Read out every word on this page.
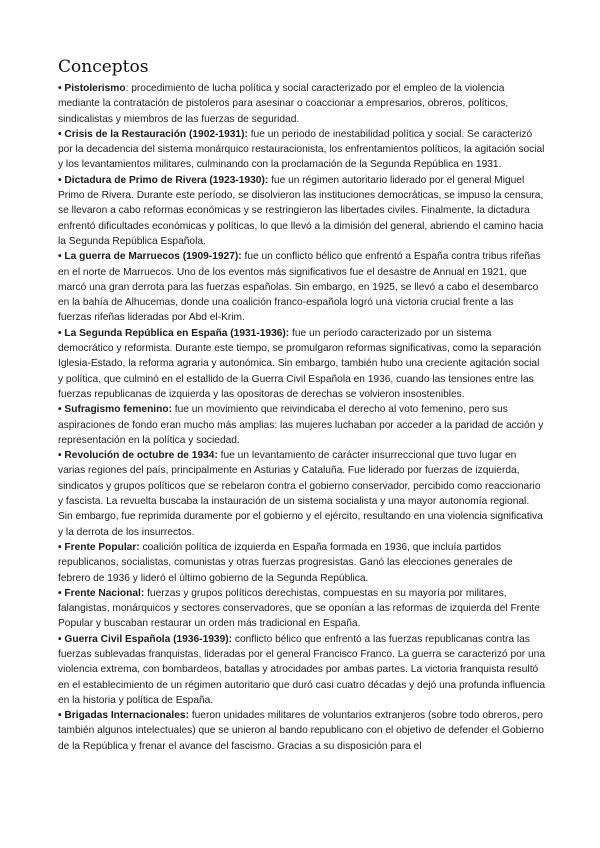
Conceptos
• Pistolerismo: procedimiento de lucha política y social caracterizado por el empleo de la violencia mediante la contratación de pistoleros para asesinar o coaccionar a empresarios, obreros, políticos, sindicalistas y miembros de las fuerzas de seguridad.
• Crisis de la Restauración (1902-1931): fue un periodo de inestabilidad política y social. Se caracterizó por la decadencia del sistema monárquico restauracionista, los enfrentamientos políticos, la agitación social y los levantamientos militares, culminando con la proclamación de la Segunda República en 1931.
• Dictadura de Primo de Rivera (1923-1930): fue un régimen autoritario liderado por el general Miguel Primo de Rivera. Durante este período, se disolvieron las instituciones democráticas, se impuso la censura, se llevaron a cabo reformas económicas y se restringieron las libertades civiles. Finalmente, la dictadura enfrentó dificultades económicas y políticas, lo que llevó a la dimisión del general, abriendo el camino hacia la Segunda República Española.
• La guerra de Marruecos (1909-1927): fue un conflicto bélico que enfrentó a España contra tribus rifeñas en el norte de Marruecos. Uno de los eventos más significativos fue el desastre de Annual en 1921, que marcó una gran derrota para las fuerzas españolas. Sin embargo, en 1925, se llevó a cabo el desembarco en la bahía de Alhucemas, donde una coalición franco-española logró una victoria crucial frente a las fuerzas rifeñas lideradas por Abd el-Krim.
• La Segunda República en España (1931-1936): fue un período caracterizado por un sistema democrático y reformista. Durante este tiempo, se promulgaron reformas significativas, como la separación Iglesia-Estado, la reforma agraria y autonómica. Sin embargo, también hubo una creciente agitación social y política, que culminó en el estallido de la Guerra Civil Española en 1936, cuando las tensiones entre las fuerzas republicanas de izquierda y las opositoras de derechas se volvieron insostenibles.
• Sufragismo femenino: fue un movimiento que reivindicaba el derecho al voto femenino, pero sus aspiraciones de fondo eran mucho más amplias: las mujeres luchaban por acceder a la paridad de acción y representación en la política y sociedad.
• Revolución de octubre de 1934: fue un levantamiento de carácter insurreccional que tuvo lugar en varias regiones del país, principalmente en Asturias y Cataluña. Fue liderado por fuerzas de izquierda, sindicatos y grupos políticos que se rebelaron contra el gobierno conservador, percibido como reaccionario y fascista. La revuelta buscaba la instauración de un sistema socialista y una mayor autonomía regional. Sin embargo, fue reprimida duramente por el gobierno y el ejército, resultando en una violencia significativa y la derrota de los insurrectos.
• Frente Popular: coalición política de izquierda en España formada en 1936, que incluía partidos republicanos, socialistas, comunistas y otras fuerzas progresistas. Ganó las elecciones generales de febrero de 1936 y lideró el último gobierno de la Segunda República.
• Frente Nacional: fuerzas y grupos políticos derechistas, compuestas en su mayoría por militares, falangistas, monárquicos y sectores conservadores, que se oponían a las reformas de izquierda del Frente Popular y buscaban restaurar un orden más tradicional en España.
• Guerra Civil Española (1936-1939): conflicto bélico que enfrentó a las fuerzas republicanas contra las fuerzas sublevadas franquistas, lideradas por el general Francisco Franco. La guerra se caracterizó por una violencia extrema, con bombardeos, batallas y atrocidades por ambas partes. La victoria franquista resultó en el establecimiento de un régimen autoritario que duró casi cuatro décadas y dejó una profunda influencia en la historia y política de España.
• Brigadas Internacionales: fueron unidades militares de voluntarios extranjeros (sobre todo obreros, pero también algunos intelectuales) que se unieron al bando republicano con el objetivo de defender el Gobierno de la República y frenar el avance del fascismo. Gracias a su disposición para el
